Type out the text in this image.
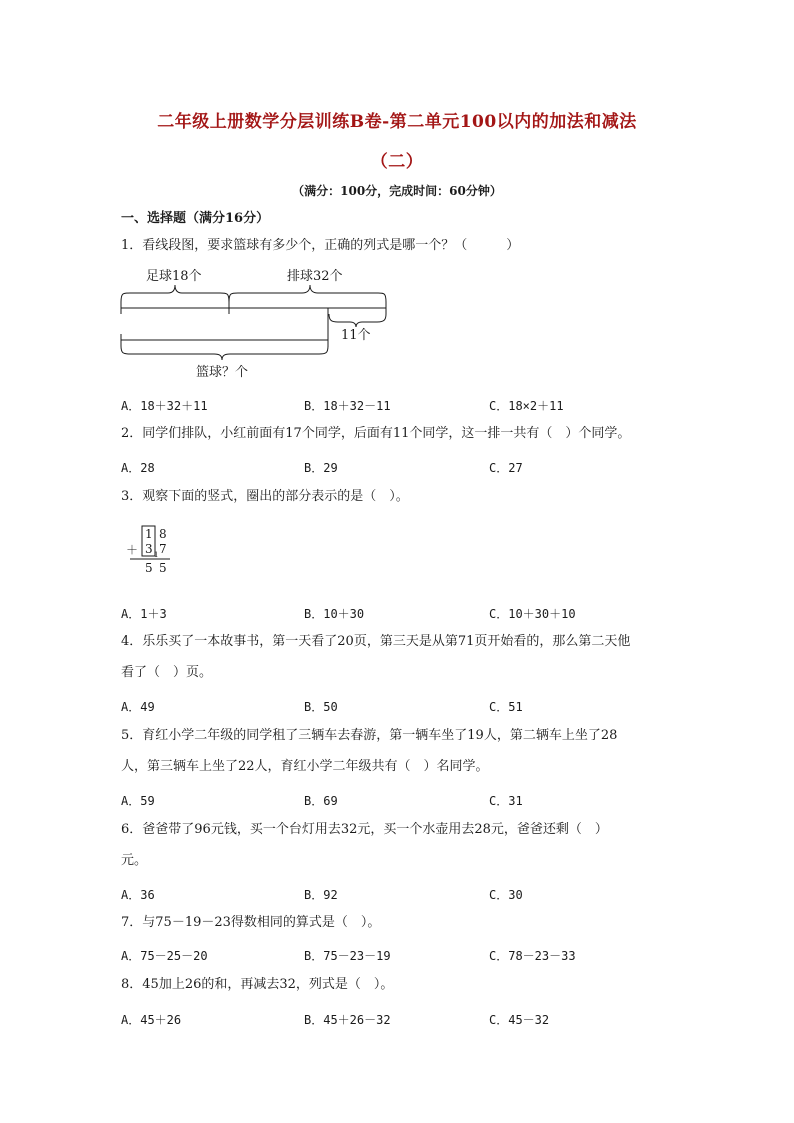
二年级上册数学分层训练B卷-第二单元100以内的加法和减法
（二）
（满分：100分，完成时间：60分钟）
一、选择题（满分16分）
1．看线段图，要求篮球有多少个，正确的列式是哪一个？（　　　）
足球18个	排球32个
11个
篮球？个
A．18＋32＋11	B．18＋32－11	C．18×2＋11
2．同学们排队，小红前面有17个同学，后面有11个同学，这一排一共有（　）个同学。
A．28	B．29	C．27
3．观察下面的竖式，圈出的部分表示的是（　）。
1 8
＋ 3 1 7
5 5
A．1＋3	B．10＋30	C．10＋30＋10
4．乐乐买了一本故事书，第一天看了20页，第三天是从第71页开始看的，那么第二天他
看了（　）页。
A．49	B．50	C．51
5．育红小学二年级的同学租了三辆车去春游，第一辆车坐了19人，第二辆车上坐了28
人，第三辆车上坐了22人，育红小学二年级共有（　）名同学。
A．59	B．69	C．31
6．爸爸带了96元钱，买一个台灯用去32元，买一个水壶用去28元，爸爸还剩（　）
元。
A．36	B．92	C．30
7．与75－19－23得数相同的算式是（　）。
A．75－25－20	B．75－23－19	C．78－23－33
8．45加上26的和，再减去32，列式是（　）。
A．45＋26	B．45＋26－32	C．45－32
